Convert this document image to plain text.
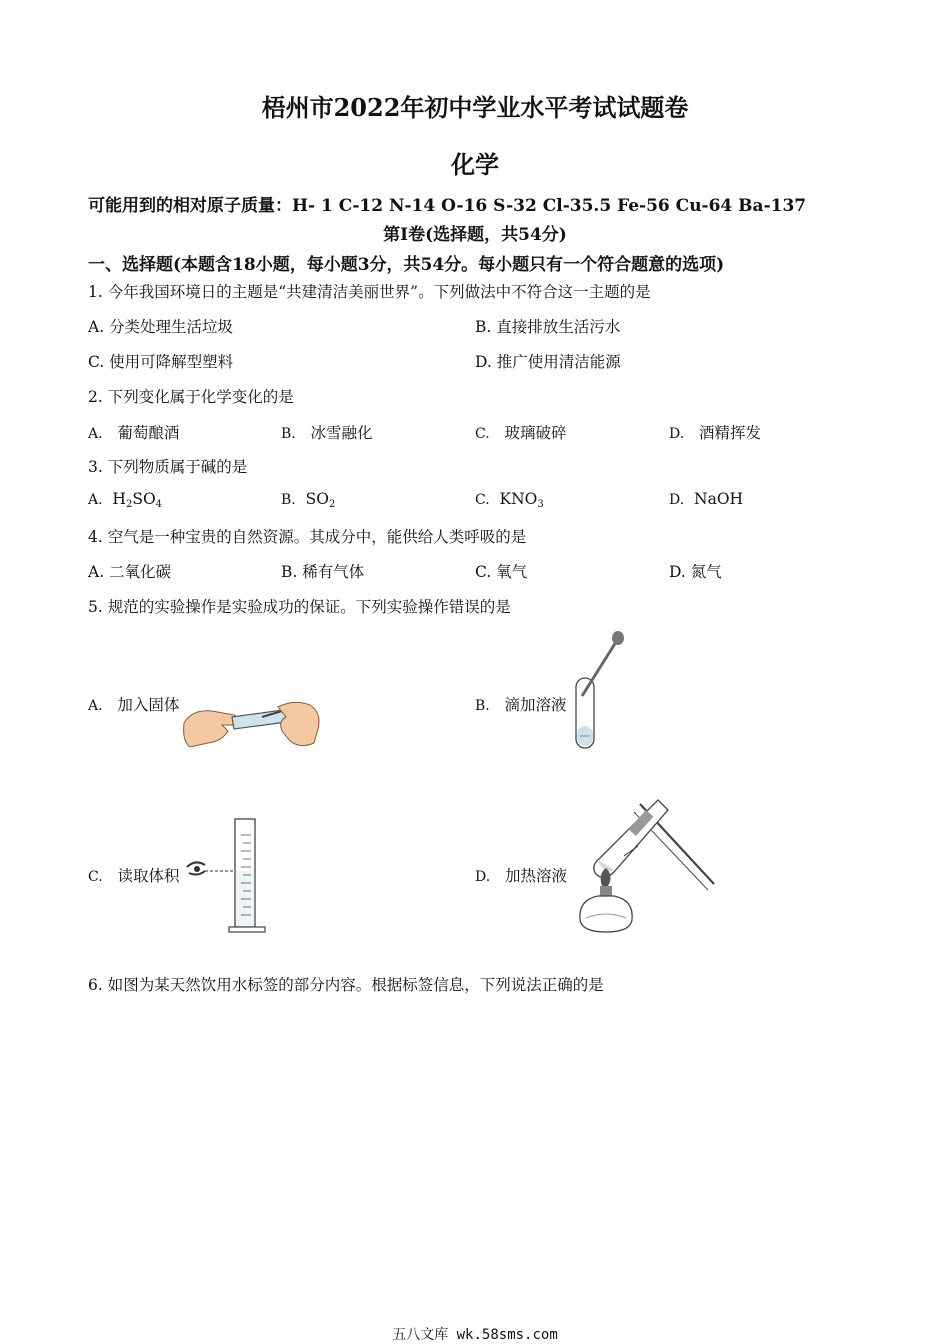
梧州市2022年初中学业水平考试试题卷
化学
可能用到的相对原子质量：H- 1 C-12 N-14 O-16 S-32 Cl-35.5 Fe-56 Cu-64 Ba-137
第Ⅰ卷(选择题，共54分)
一、选择题(本题含18小题，每小题3分，共54分。每小题只有一个符合题意的选项)
1. 今年我国环境日的主题是“共建清洁美丽世界”。下列做法中不符合这一主题的是
A. 分类处理生活垃圾	B. 直接排放生活污水
C. 使用可降解型塑料	D. 推广使用清洁能源
2. 下列变化属于化学变化的是
A. 葡萄酿酒	B. 冰雪融化	C. 玻璃破碎	D. 酒精挥发
3. 下列物质属于碱的是
A. $H_2SO_4$	B. $SO_2$	C. $KNO_3$	D. NaOH
4. 空气是一种宝贵的自然资源。其成分中，能供给人类呼吸的是
A. 二氧化碳	B. 稀有气体	C. 氧气	D. 氮气
5. 规范的实验操作是实验成功的保证。下列实验操作错误的是
A. 加入固体	B. 滴加溶液
C. 读取体积	D. 加热溶液
6. 如图为某天然饮用水标签的部分内容。根据标签信息，下列说法正确的是
五八文库 wk.58sms.com
